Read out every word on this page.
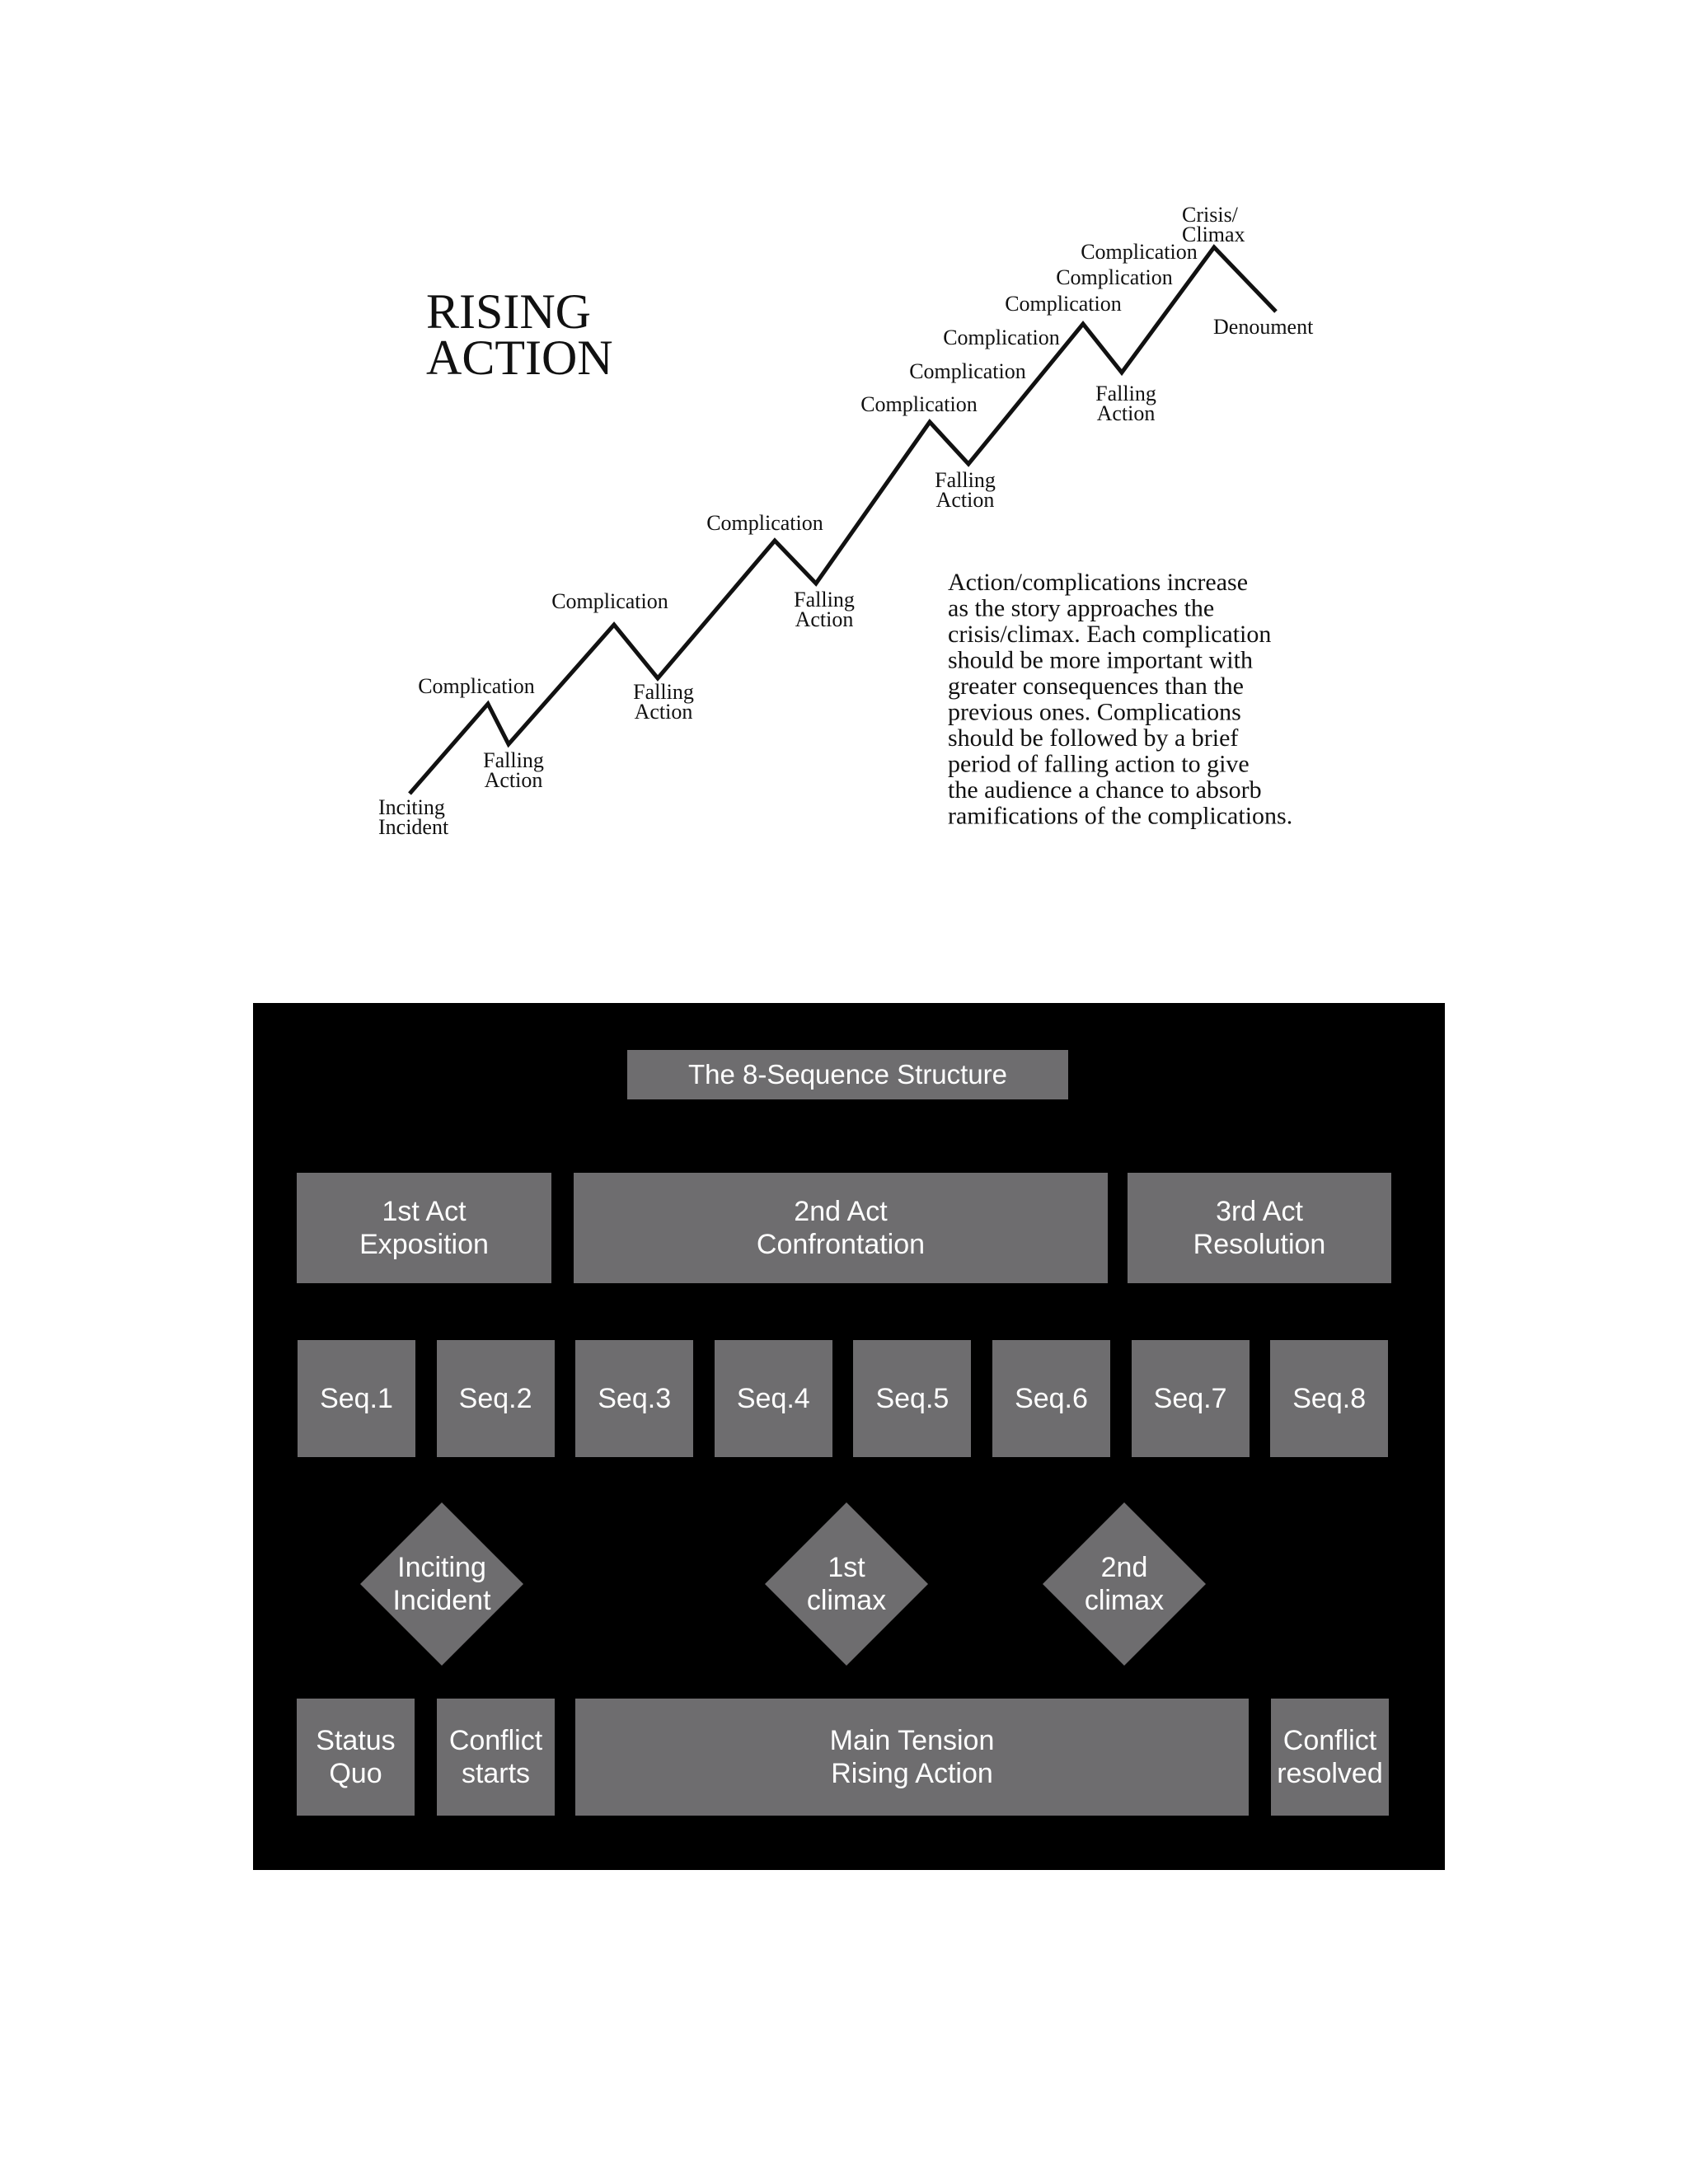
RISING ACTION
Inciting Incident
Complication
Falling Action
Complication
Falling Action
Complication
Falling Action
Complication
Falling Action
Complication
Complication
Complication
Falling Action
Complication
Complication
Crisis/ Climax
Denoument
Action/complications increase as the story approaches the crisis/climax. Each complication should be more important with greater consequences than the previous ones. Complications should be followed by a brief period of falling action to give the audience a chance to absorb ramifications of the complications.
The 8-Sequence Structure
1st Act
Exposition
2nd Act
Confrontation
3rd Act
Resolution
Seq.1	Seq.2	Seq.3	Seq.4	Seq.5	Seq.6	Seq.7	Seq.8
Inciting
Incident
1st
climax
2nd
climax
Status
Quo
Conflict
starts
Main Tension
Rising Action
Conflict
resolved
